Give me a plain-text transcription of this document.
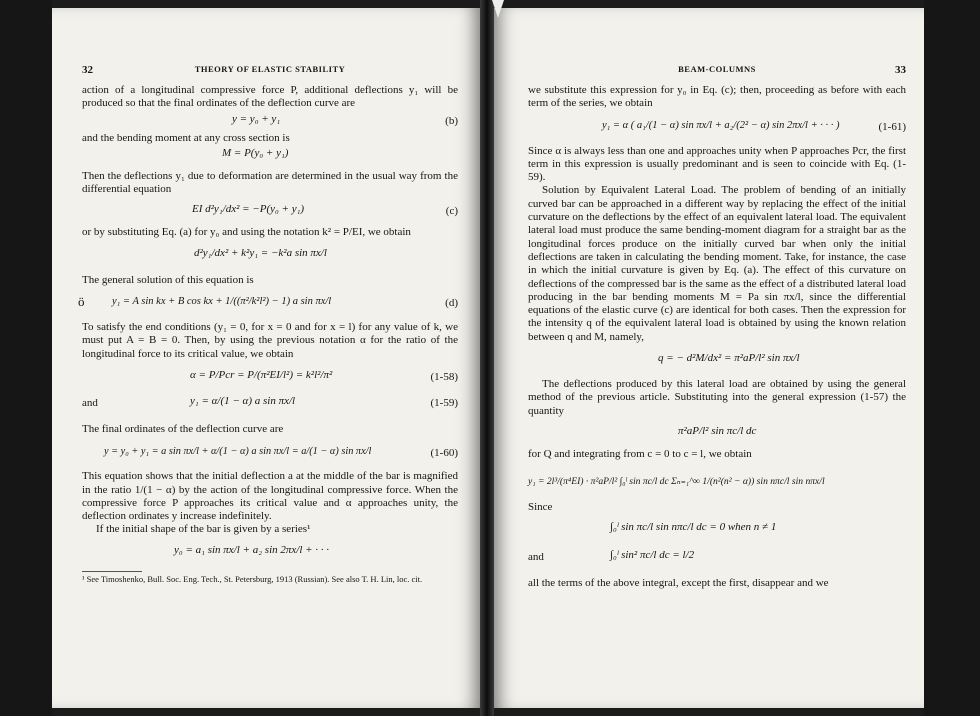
32	THEORY OF ELASTIC STABILITY

action of a longitudinal compressive force P, additional deflections y₁ will be produced so that the final ordinates of the deflection curve are

y = y₀ + y₁	(b)

and the bending moment at any cross section is

M = P(y₀ + y₁)

Then the deflections y₁ due to deformation are determined in the usual way from the differential equation

EI d²y₁/dx² = −P(y₀ + y₁)	(c)

or by substituting Eq. (a) for y₀ and using the notation k² = P/EI, we obtain

d²y₁/dx² + k²y₁ = −k²a sin πx/l

The general solution of this equation is

ö	y₁ = A sin kx + B cos kx + 1/((π²/k²l²) − 1) a sin πx/l	(d)

To satisfy the end conditions (y₁ = 0, for x = 0 and for x = l) for any value of k, we must put A = B = 0. Then, by using the previous notation α for the ratio of the longitudinal force to its critical value, we obtain

α = P/Pcr = P/(π²EI/l²) = k²l²/π²	(1-58)
and	y₁ = α/(1 − α) a sin πx/l	(1-59)

The final ordinates of the deflection curve are

y = y₀ + y₁ = a sin πx/l + α/(1 − α) a sin πx/l = a/(1 − α) sin πx/l	(1-60)

This equation shows that the initial deflection a at the middle of the bar is magnified in the ratio 1/(1 − α) by the action of the longitudinal compressive force. When the compressive force P approaches its critical value and α approaches unity, the deflection ordinates y increase indefinitely.

If the initial shape of the bar is given by a series¹

y₀ = a₁ sin πx/l + a₂ sin 2πx/l + · · ·

¹ See Timoshenko, Bull. Soc. Eng. Tech., St. Petersburg, 1913 (Russian). See also T. H. Lin, loc. cit.

BEAM-COLUMNS	33

we substitute this expression for y₀ in Eq. (c); then, proceeding as before with each term of the series, we obtain

y₁ = α ( a₁/(1 − α) sin πx/l + a₂/(2² − α) sin 2πx/l + · · · )	(1-61)

Since α is always less than one and approaches unity when P approaches Pcr, the first term in this expression is usually predominant and is seen to coincide with Eq. (1-59).

Solution by Equivalent Lateral Load. The problem of bending of an initially curved bar can be approached in a different way by replacing the effect of the initial curvature on the deflections by the effect of an equivalent lateral load. The equivalent lateral load must produce the same bending-moment diagram for a straight bar as the longitudinal forces produce on the initially curved bar when only the initial deflections are taken in calculating the bending moment. Take, for instance, the case in which the initial curvature is given by Eq. (a). The effect of this curvature on deflections of the compressed bar is the same as the effect of a distributed lateral load producing in the bar bending moments M = Pa sin πx/l, since the differential equations of the elastic curve (c) are identical for both cases. Then the expression for the intensity q of the equivalent lateral load is obtained by using the known relation between q and M, namely,

q = − d²M/dx² = π²aP/l² sin πx/l

The deflections produced by this lateral load are obtained by using the general method of the previous article. Substituting into the general expression (1-57) the quantity

π²aP/l² sin πc/l dc

for Q and integrating from c = 0 to c = l, we obtain

y₁ = 2l³/(π⁴EI) · π²aP/l² ∫₀ˡ sin πc/l dc Σₙ₌₁^∞ 1/(n²(n² − α)) sin nπc/l sin nπx/l

Since

∫₀ˡ sin πc/l sin nπc/l dc = 0 when n ≠ 1
and	∫₀ˡ sin² πc/l dc = l/2

all the terms of the above integral, except the first, disappear and we
